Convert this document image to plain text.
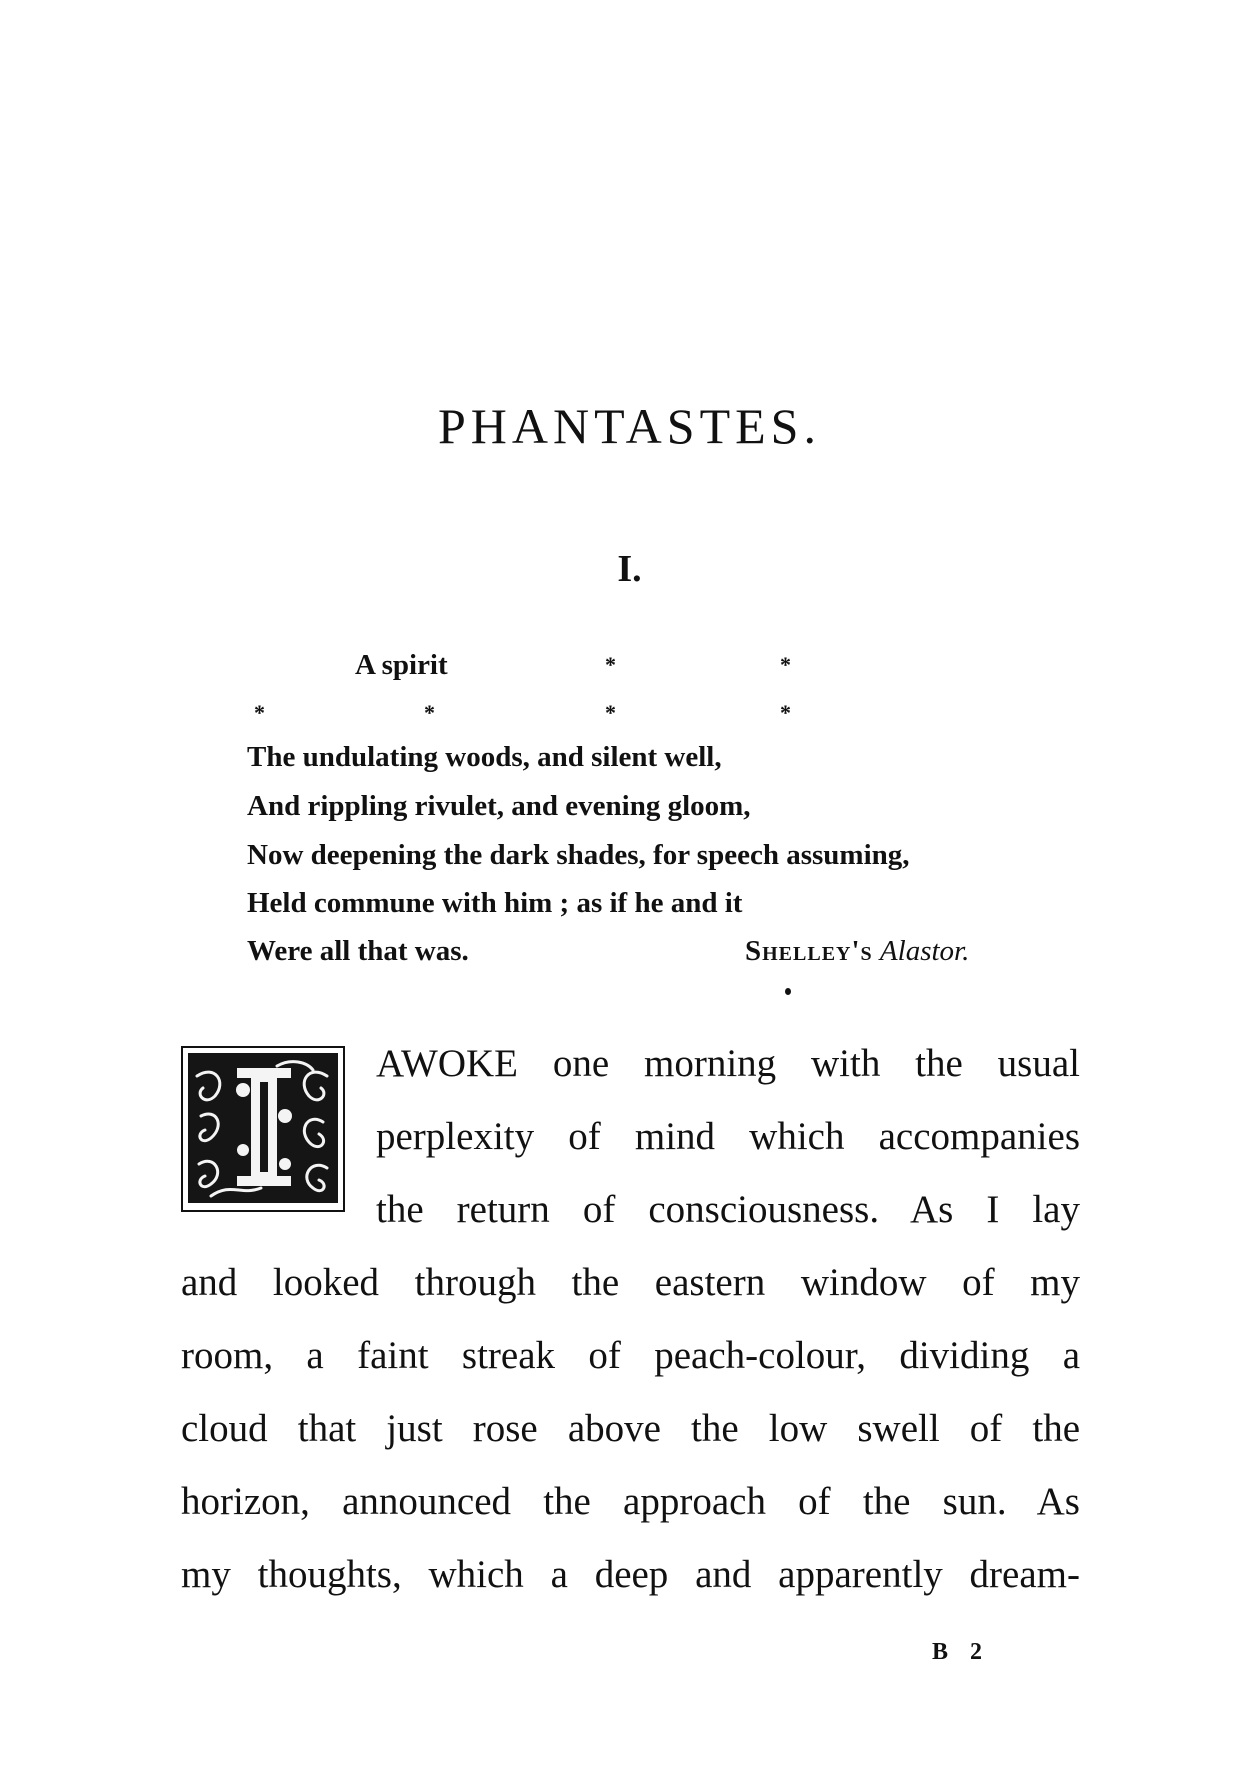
PHANTASTES.
I.
A spirit	*	*
*	*	*	*
The undulating woods, and silent well,
And rippling rivulet, and evening gloom,
Now deepening the dark shades, for speech assuming,
Held commune with him ; as if he and it
Were all that was.	Shelley's Alastor.
I
AWOKE one morning with the usual
perplexity of mind which accompanies
the return of consciousness. As I lay
and looked through the eastern window of my
room, a faint streak of peach-colour, dividing a
cloud that just rose above the low swell of the
horizon, announced the approach of the sun. As
my thoughts, which a deep and apparently dream-
B 2
